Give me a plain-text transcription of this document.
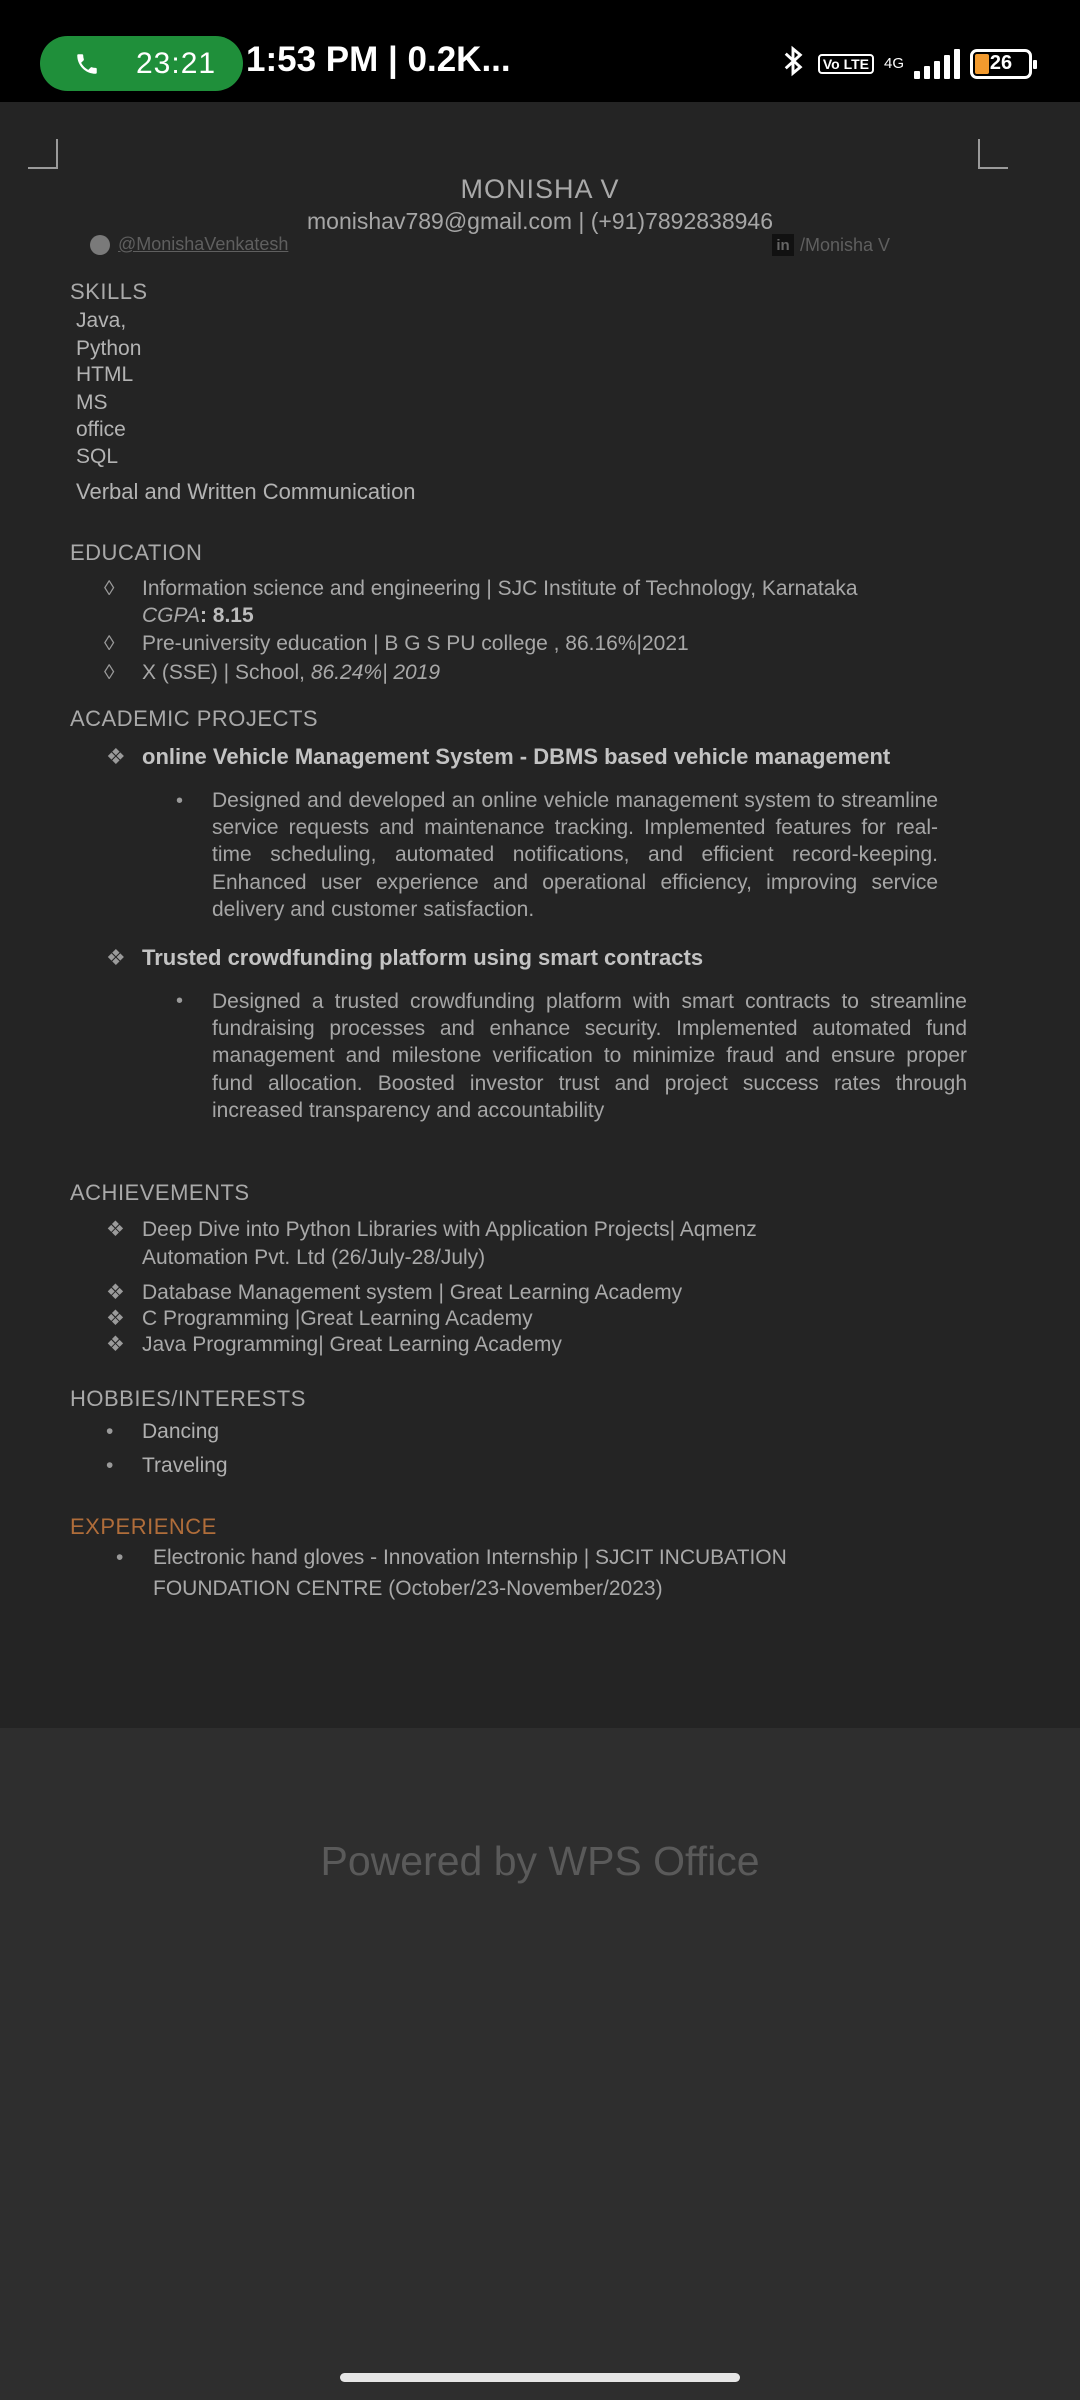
23:21 1:53 PM | 0.2K...	Vo LTE	4G	26
MONISHA V
monishav789@gmail.com | (+91)7892838946
@MonishaVenkatesh	in /Monisha V
SKILLS
Java,
Python
HTML
MS
office
SQL
Verbal and Written Communication
EDUCATION
◊ Information science and engineering | SJC Institute of Technology, Karnataka
CGPA: 8.15
◊ Pre-university education | B G S PU college , 86.16%|2021
◊ X (SSE) | School, 86.24%| 2019
ACADEMIC PROJECTS
❖ online Vehicle Management System - DBMS based vehicle management
• Designed and developed an online vehicle management system to streamline service requests and maintenance tracking. Implemented features for real- time scheduling, automated notifications, and efficient record-keeping. Enhanced user experience and operational efficiency, improving service delivery and customer satisfaction.
❖ Trusted crowdfunding platform using smart contracts
• Designed a trusted crowdfunding platform with smart contracts to streamline fundraising processes and enhance security. Implemented automated fund management and milestone verification to minimize fraud and ensure proper fund allocation. Boosted investor trust and project success rates through increased transparency and accountability
ACHIEVEMENTS
❖ Deep Dive into Python Libraries with Application Projects| Aqmenz
Automation Pvt. Ltd (26/July-28/July)
❖ Database Management system | Great Learning Academy
❖ C Programming |Great Learning Academy
❖ Java Programming| Great Learning Academy
HOBBIES/INTERESTS
• Dancing
• Traveling
EXPERIENCE
• Electronic hand gloves - Innovation Internship | SJCIT INCUBATION
FOUNDATION CENTRE (October/23-November/2023)
Powered by WPS Office
